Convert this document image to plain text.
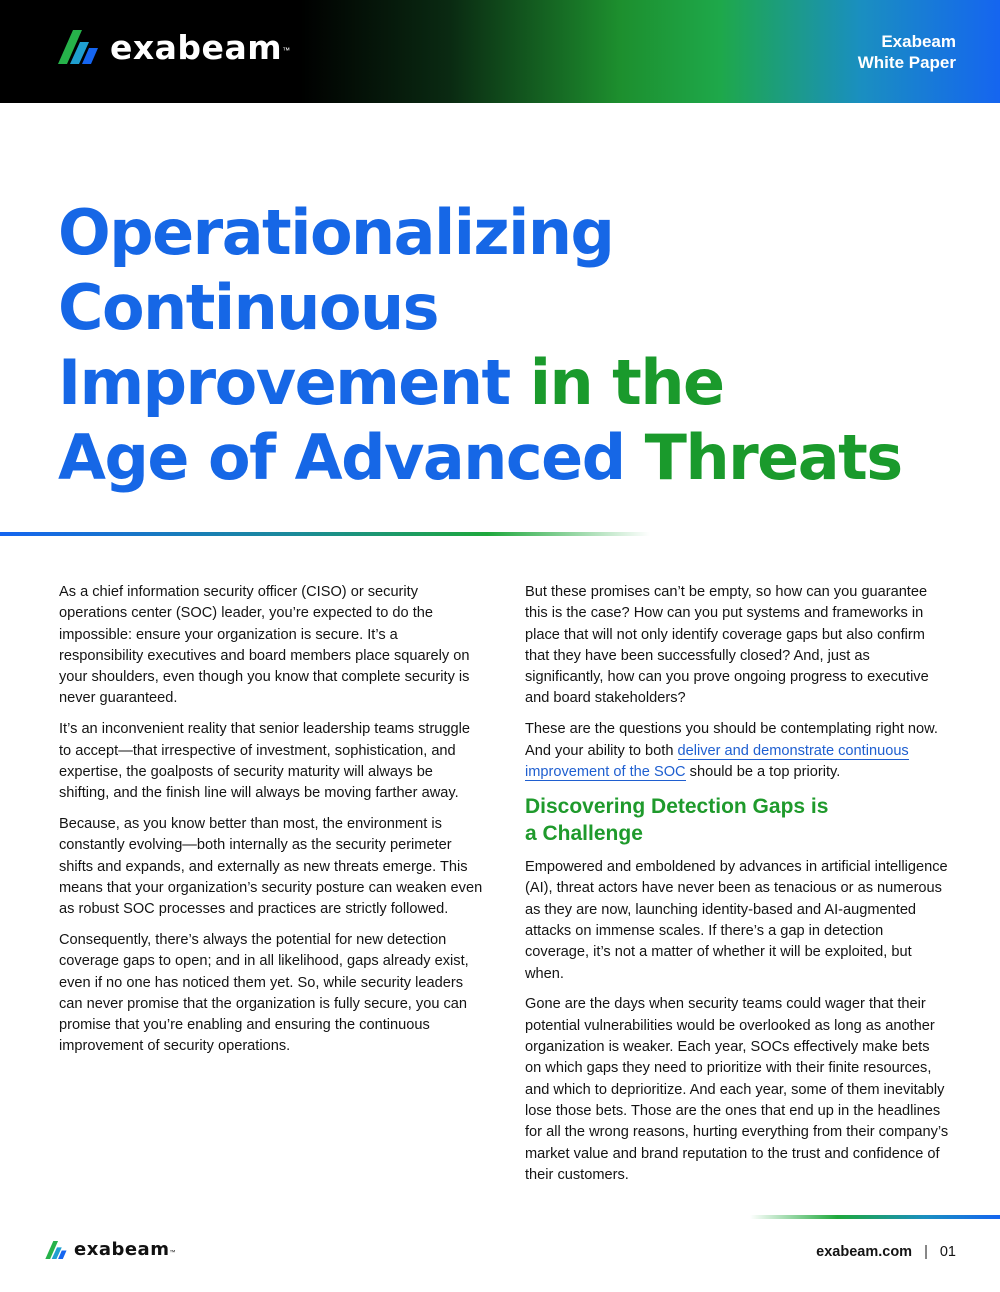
exabeam ™	Exabeam
White Paper
Operationalizing
Continuous
Improvement in the
Age of Advanced Threats

As a chief information security officer (CISO) or security operations center (SOC) leader, you’re expected to do the impossible: ensure your organization is secure. It’s a responsibility executives and board members place squarely on your shoulders, even though you know that complete security is never guaranteed.

It’s an inconvenient reality that senior leadership teams struggle to accept—that irrespective of investment, sophistication, and expertise, the goalposts of security maturity will always be shifting, and the finish line will always be moving farther away.

Because, as you know better than most, the environment is constantly evolving—both internally as the security perimeter shifts and expands, and externally as new threats emerge. This means that your organization’s security posture can weaken even as robust SOC processes and practices are strictly followed.

Consequently, there’s always the potential for new detection coverage gaps to open; and in all likelihood, gaps already exist, even if no one has noticed them yet. So, while security leaders can never promise that the organization is fully secure, you can promise that you’re enabling and ensuring the continuous improvement of security operations.

But these promises can’t be empty, so how can you guarantee this is the case? How can you put systems and frameworks in place that will not only identify coverage gaps but also confirm that they have been successfully closed? And, just as significantly, how can you prove ongoing progress to executive and board stakeholders?

These are the questions you should be contemplating right now. And your ability to both deliver and demonstrate continuous improvement of the SOC should be a top priority.

Discovering Detection Gaps is
a Challenge

Empowered and emboldened by advances in artificial intelligence (AI), threat actors have never been as tenacious or as numerous as they are now, launching identity-based and AI-augmented attacks on immense scales. If there’s a gap in detection coverage, it’s not a matter of whether it will be exploited, but when.

Gone are the days when security teams could wager that their potential vulnerabilities would be overlooked as long as another organization is weaker. Each year, SOCs effectively make bets on which gaps they need to prioritize with their finite resources, and which to deprioritize. And each year, some of them inevitably lose those bets. Those are the ones that end up in the headlines for all the wrong reasons, hurting everything from their company’s market value and brand reputation to the trust and confidence of their customers.

exabeam ™	exabeam.com | 01
